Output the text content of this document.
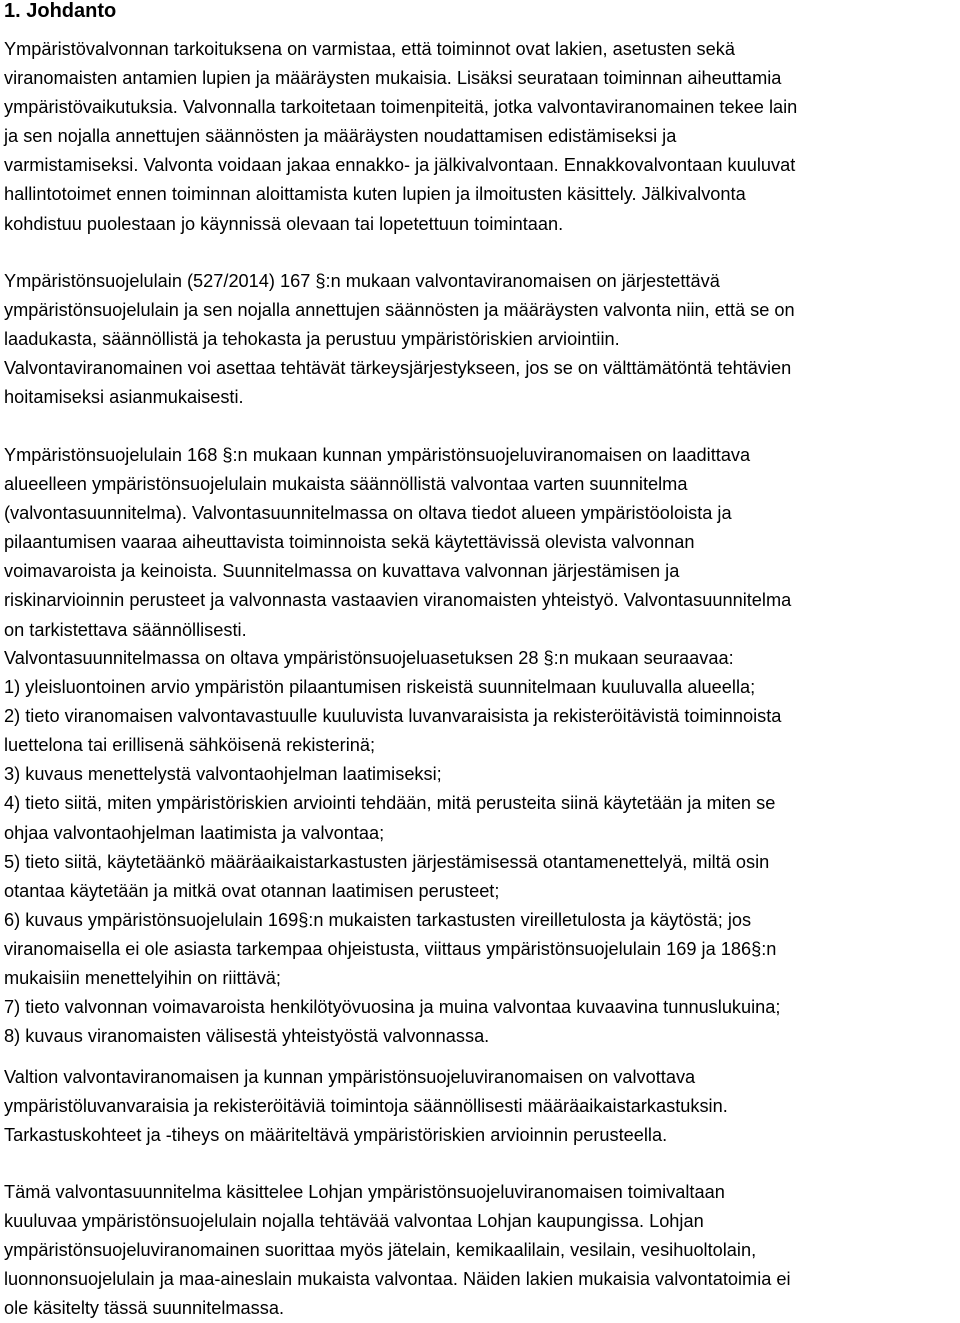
1. Johdanto
Ympäristövalvonnan tarkoituksena on varmistaa, että toiminnot ovat lakien, asetusten sekä
viranomaisten antamien lupien ja määräysten mukaisia. Lisäksi seurataan toiminnan aiheuttamia
ympäristövaikutuksia. Valvonnalla tarkoitetaan toimenpiteitä, jotka valvontaviranomainen tekee lain
ja sen nojalla annettujen säännösten ja määräysten noudattamisen edistämiseksi ja
varmistamiseksi. Valvonta voidaan jakaa ennakko- ja jälkivalvontaan. Ennakkovalvontaan kuuluvat
hallintotoimet ennen toiminnan aloittamista kuten lupien ja ilmoitusten käsittely. Jälkivalvonta
kohdistuu puolestaan jo käynnissä olevaan tai lopetettuun toimintaan.
Ympäristönsuojelulain (527/2014) 167 §:n mukaan valvontaviranomaisen on järjestettävä
ympäristönsuojelulain ja sen nojalla annettujen säännösten ja määräysten valvonta niin, että se on
laadukasta, säännöllistä ja tehokasta ja perustuu ympäristöriskien arviointiin.
Valvontaviranomainen voi asettaa tehtävät tärkeysjärjestykseen, jos se on välttämätöntä tehtävien
hoitamiseksi asianmukaisesti.
Ympäristönsuojelulain 168 §:n mukaan kunnan ympäristönsuojeluviranomaisen on laadittava
alueelleen ympäristönsuojelulain mukaista säännöllistä valvontaa varten suunnitelma
(valvontasuunnitelma). Valvontasuunnitelmassa on oltava tiedot alueen ympäristöoloista ja
pilaantumisen vaaraa aiheuttavista toiminnoista sekä käytettävissä olevista valvonnan
voimavaroista ja keinoista. Suunnitelmassa on kuvattava valvonnan järjestämisen ja
riskinarvioinnin perusteet ja valvonnasta vastaavien viranomaisten yhteistyö. Valvontasuunnitelma
on tarkistettava säännöllisesti.
Valvontasuunnitelmassa on oltava ympäristönsuojeluasetuksen 28 §:n mukaan seuraavaa:
1) yleisluontoinen arvio ympäristön pilaantumisen riskeistä suunnitelmaan kuuluvalla alueella;
2) tieto viranomaisen valvontavastuulle kuuluvista luvanvaraisista ja rekisteröitävistä toiminnoista
luettelona tai erillisenä sähköisenä rekisterinä;
3) kuvaus menettelystä valvontaohjelman laatimiseksi;
4) tieto siitä, miten ympäristöriskien arviointi tehdään, mitä perusteita siinä käytetään ja miten se
ohjaa valvontaohjelman laatimista ja valvontaa;
5) tieto siitä, käytetäänkö määräaikaistarkastusten järjestämisessä otantamenettelyä, miltä osin
otantaa käytetään ja mitkä ovat otannan laatimisen perusteet;
6) kuvaus ympäristönsuojelulain 169§:n mukaisten tarkastusten vireilletulosta ja käytöstä; jos
viranomaisella ei ole asiasta tarkempaa ohjeistusta, viittaus ympäristönsuojelulain 169 ja 186§:n
mukaisiin menettelyihin on riittävä;
7) tieto valvonnan voimavaroista henkilötyövuosina ja muina valvontaa kuvaavina tunnuslukuina;
8) kuvaus viranomaisten välisestä yhteistyöstä valvonnassa.
Valtion valvontaviranomaisen ja kunnan ympäristönsuojeluviranomaisen on valvottava
ympäristöluvanvaraisia ja rekisteröitäviä toimintoja säännöllisesti määräaikaistarkastuksin.
Tarkastuskohteet ja -tiheys on määriteltävä ympäristöriskien arvioinnin perusteella.
Tämä valvontasuunnitelma käsittelee Lohjan ympäristönsuojeluviranomaisen toimivaltaan
kuuluvaa ympäristönsuojelulain nojalla tehtävää valvontaa Lohjan kaupungissa. Lohjan
ympäristönsuojeluviranomainen suorittaa myös jätelain, kemikaalilain, vesilain, vesihuoltolain,
luonnonsuojelulain ja maa-aineslain mukaista valvontaa. Näiden lakien mukaisia valvontatoimia ei
ole käsitelty tässä suunnitelmassa.
